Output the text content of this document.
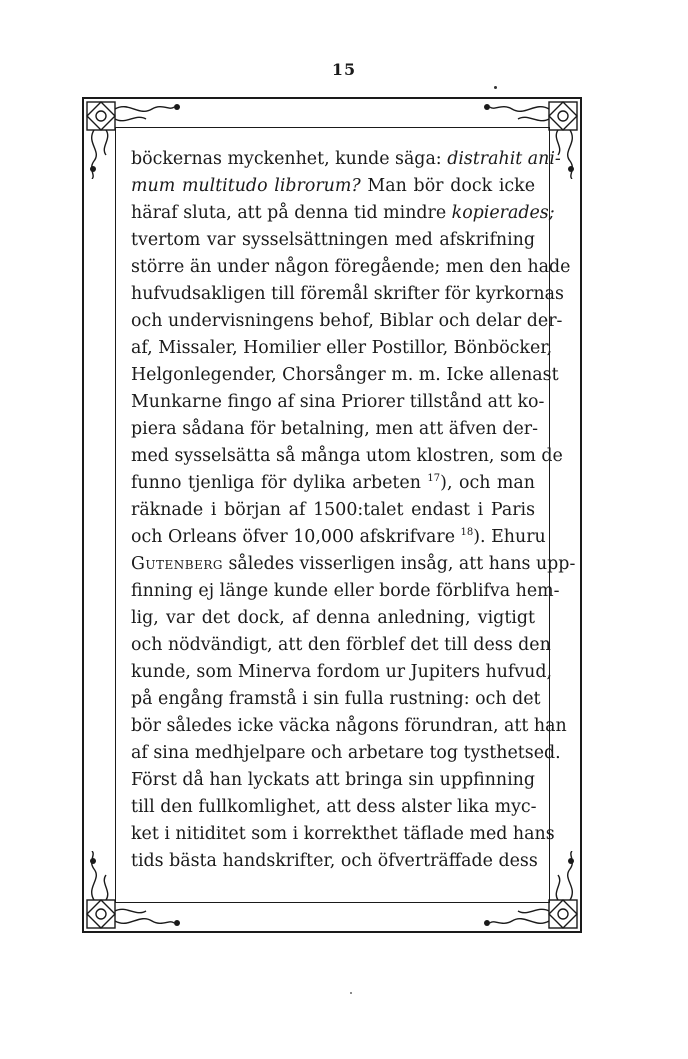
15
böckernas myckenhet, kunde säga: distrahit ani-
mum multitudo librorum? Man bör dock icke
häraf sluta, att på denna tid mindre kopierades;
tvertom var sysselsättningen med afskrifning
större än under någon föregående; men den hade
hufvudsakligen till föremål skrifter för kyrkornas
och undervisningens behof, Biblar och delar der-
af, Missaler, Homilier eller Postillor, Bönböcker,
Helgonlegender, Chorsånger m. m. Icke allenast
Munkarne fingo af sina Priorer tillstånd att ko-
piera sådana för betalning, men att äfven der-
med sysselsätta så många utom klostren, som de
funno tjenliga för dylika arbeten $^{17}$), och man
räknade i början af 1500:talet endast i Paris
och Orleans öfver 10,000 afskrifvare $^{18}$). Ehuru
Gutenberg således visserligen insåg, att hans upp-
finning ej länge kunde eller borde förblifva hem-
lig, var det dock, af denna anledning, vigtigt
och nödvändigt, att den förblef det till dess den
kunde, som Minerva fordom ur Jupiters hufvud,
på engång framstå i sin fulla rustning: och det
bör således icke väcka någons förundran, att han
af sina medhjelpare och arbetare tog tysthetsed.
Först då han lyckats att bringa sin uppfinning
till den fullkomlighet, att dess alster lika myc-
ket i nitiditet som i korrekthet täflade med hans
tids bästa handskrifter, och öfverträffade dess
